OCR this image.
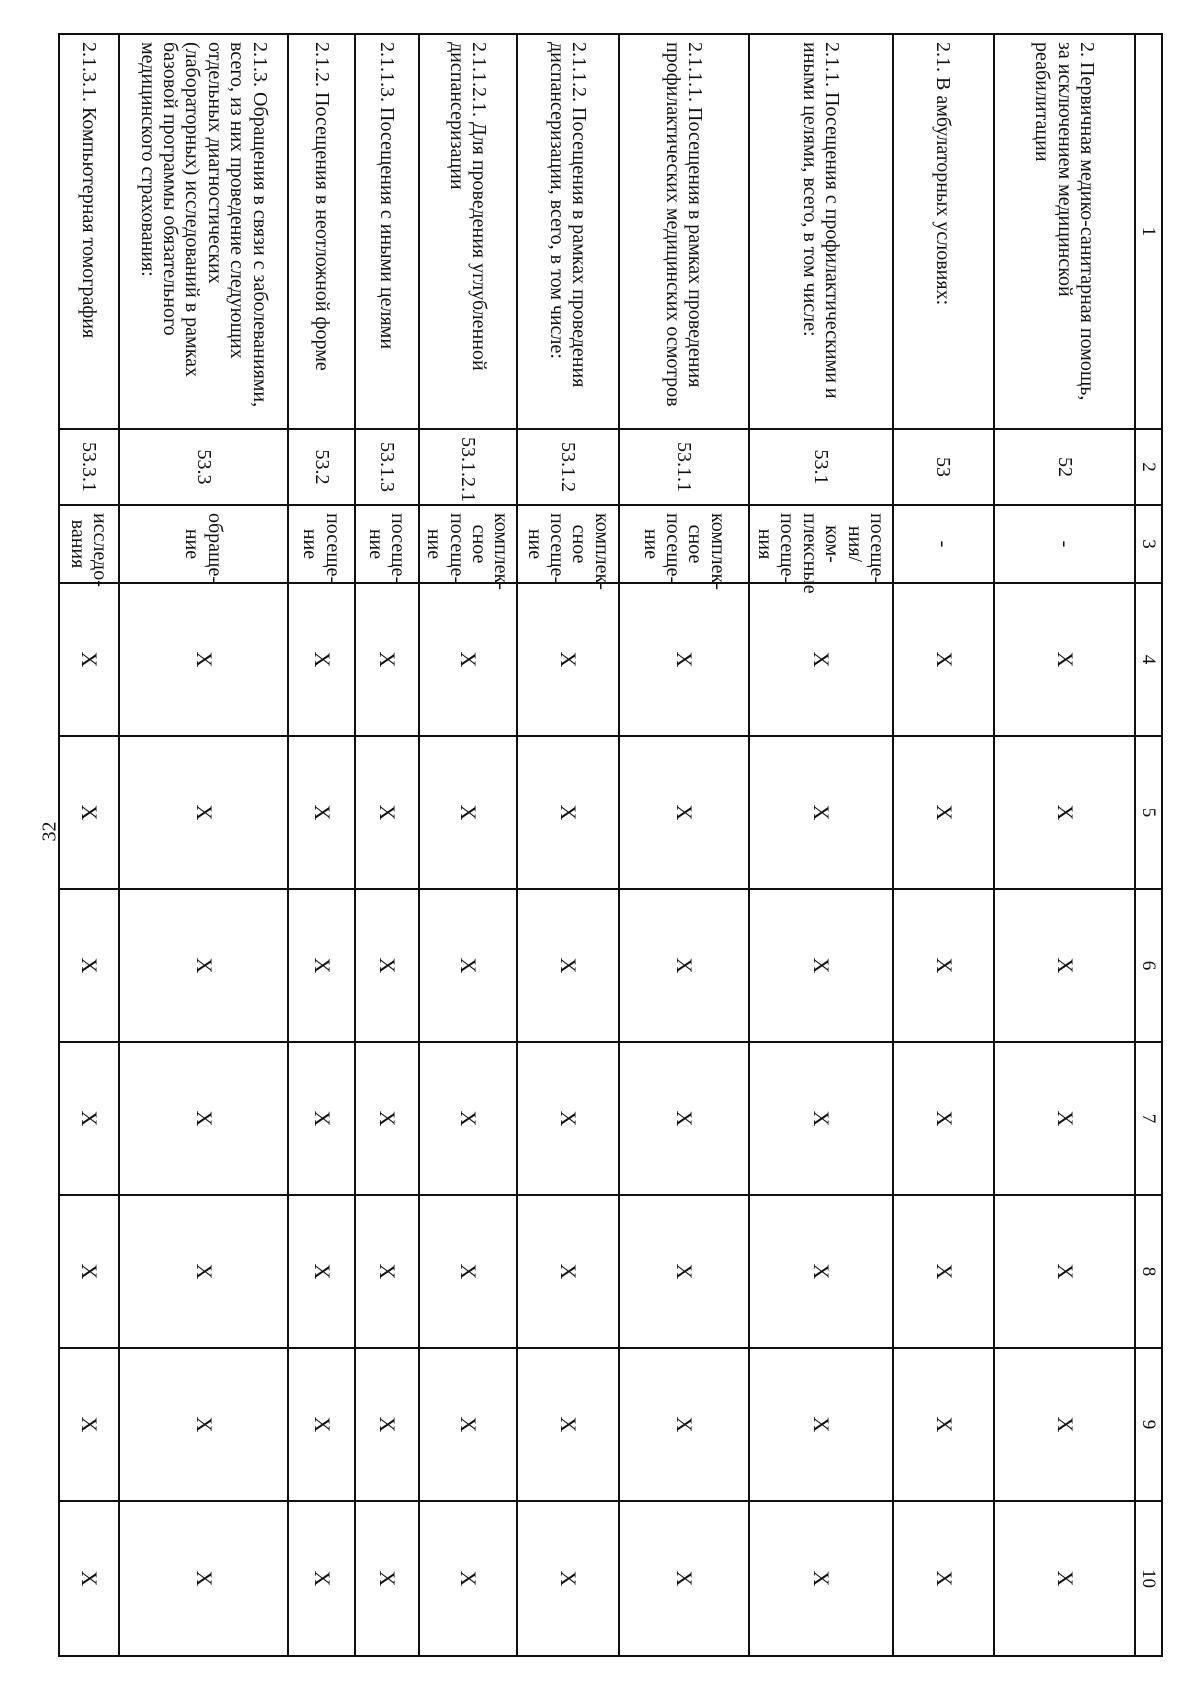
32
1	2	3	4	5	6	7	8	9	10
2. Первичная медико-санитарная помощь, за исключением медицинской реабилитации	52	-	X	X	X	X	X	X	X
2.1. В амбулаторных условиях:	53	-	X	X	X	X	X	X	X
2.1.1. Посещения с профилактическими и иными целями, всего, в том числе:	53.1	посеще-ния/ком-плексные посеще-ния	X	X	X	X	X	X	X
2.1.1.1. Посещения в рамках проведения профилактических медицинских осмотров	53.1.1	комплек-сное посеще-ние	X	X	X	X	X	X	X
2.1.1.2. Посещения в рамках проведения диспансеризации, всего, в том числе:	53.1.2	комплек-сное посеще-ние	X	X	X	X	X	X	X
2.1.1.2.1. Для проведения углубленной диспансеризации	53.1.2.1	комплек-сное посеще-ние	X	X	X	X	X	X	X
2.1.1.3. Посещения с иными целями	53.1.3	посеще-ние	X	X	X	X	X	X	X
2.1.2. Посещения в неотложной форме	53.2	посеще-ние	X	X	X	X	X	X	X
2.1.3. Обращения в связи с заболеваниями, всего, из них проведение следующих отдельных диагностических (лабораторных) исследований в рамках базовой программы обязательного медицинского страхования:	53.3	обраще-ние	X	X	X	X	X	X	X
2.1.3.1. Компьютерная томография	53.3.1	исследо-вания	X	X	X	X	X	X	X
